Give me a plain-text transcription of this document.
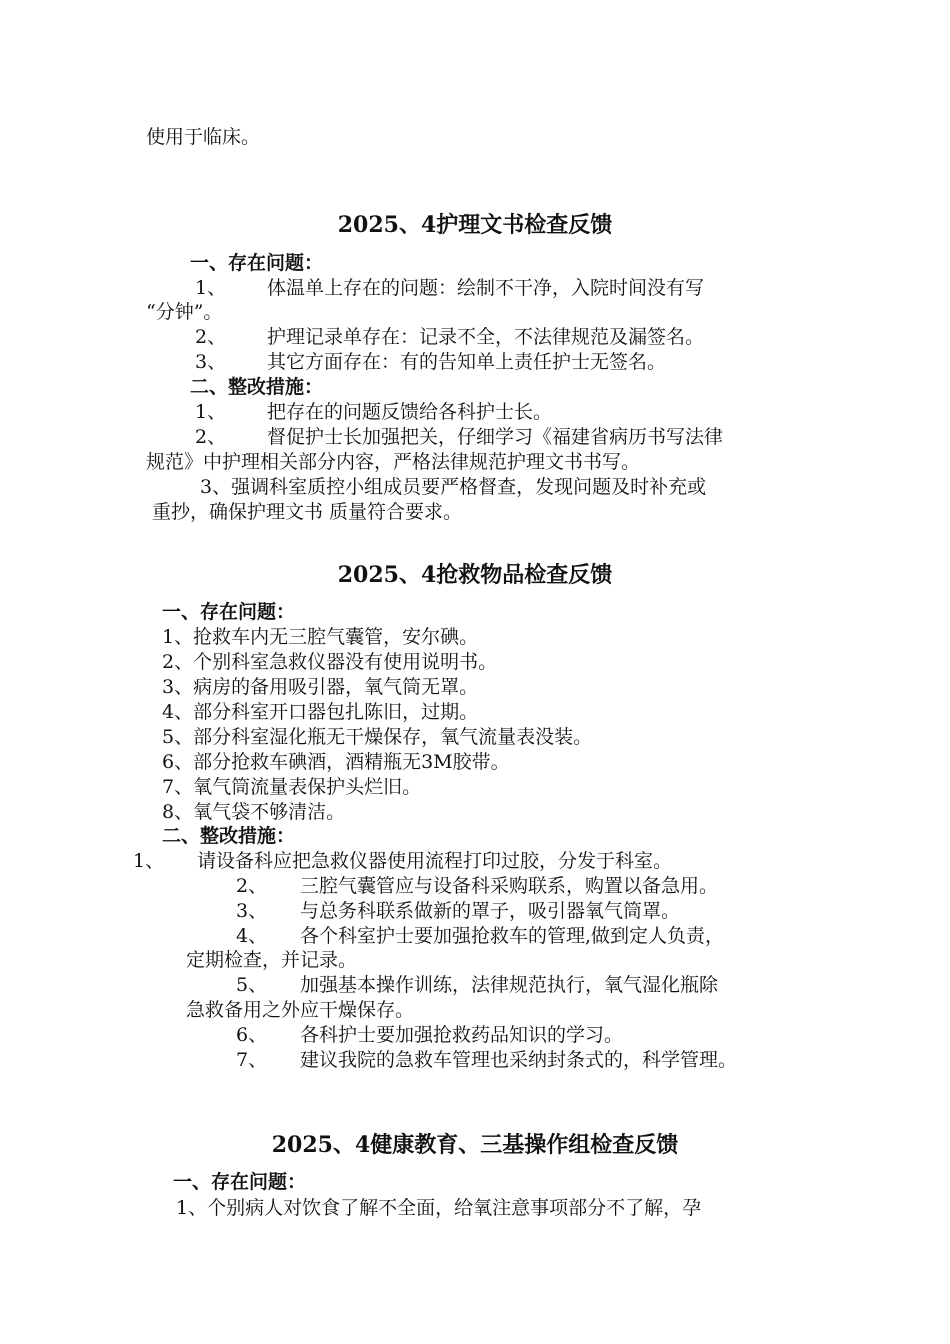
使用于临床。
2025、4护理文书检查反馈
一、存在问题：
1、 体温单上存在的问题：绘制不干净，入院时间没有写
“分钟”。
2、 护理记录单存在：记录不全，不法律规范及漏签名。
3、 其它方面存在：有的告知单上责任护士无签名。
二、整改措施：
1、 把存在的问题反馈给各科护士长。
2、 督促护士长加强把关，仔细学习《福建省病历书写法律
规范》中护理相关部分内容，严格法律规范护理文书书写。
3、强调科室质控小组成员要严格督查，发现问题及时补充或
重抄，确保护理文书 质量符合要求。
2025、4抢救物品检查反馈
一、存在问题：
1、抢救车内无三腔气囊管，安尔碘。
2、个别科室急救仪器没有使用说明书。
3、病房的备用吸引器，氧气筒无罩。
4、部分科室开口器包扎陈旧，过期。
5、部分科室湿化瓶无干燥保存，氧气流量表没装。
6、部分抢救车碘酒，酒精瓶无3M胶带。
7、氧气筒流量表保护头烂旧。
8、氧气袋不够清洁。
二、整改措施：
1、 请设备科应把急救仪器使用流程打印过胶，分发于科室。
2、 三腔气囊管应与设备科采购联系，购置以备急用。
3、 与总务科联系做新的罩子，吸引器氧气筒罩。
4、 各个科室护士要加强抢救车的管理,做到定人负责，
定期检查，并记录。
5、 加强基本操作训练，法律规范执行，氧气湿化瓶除
急救备用之外应干燥保存。
6、 各科护士要加强抢救药品知识的学习。
7、 建议我院的急救车管理也采纳封条式的，科学管理。
2025、4健康教育、三基操作组检查反馈
一、存在问题：
1、个别病人对饮食了解不全面，给氧注意事项部分不了解，孕
